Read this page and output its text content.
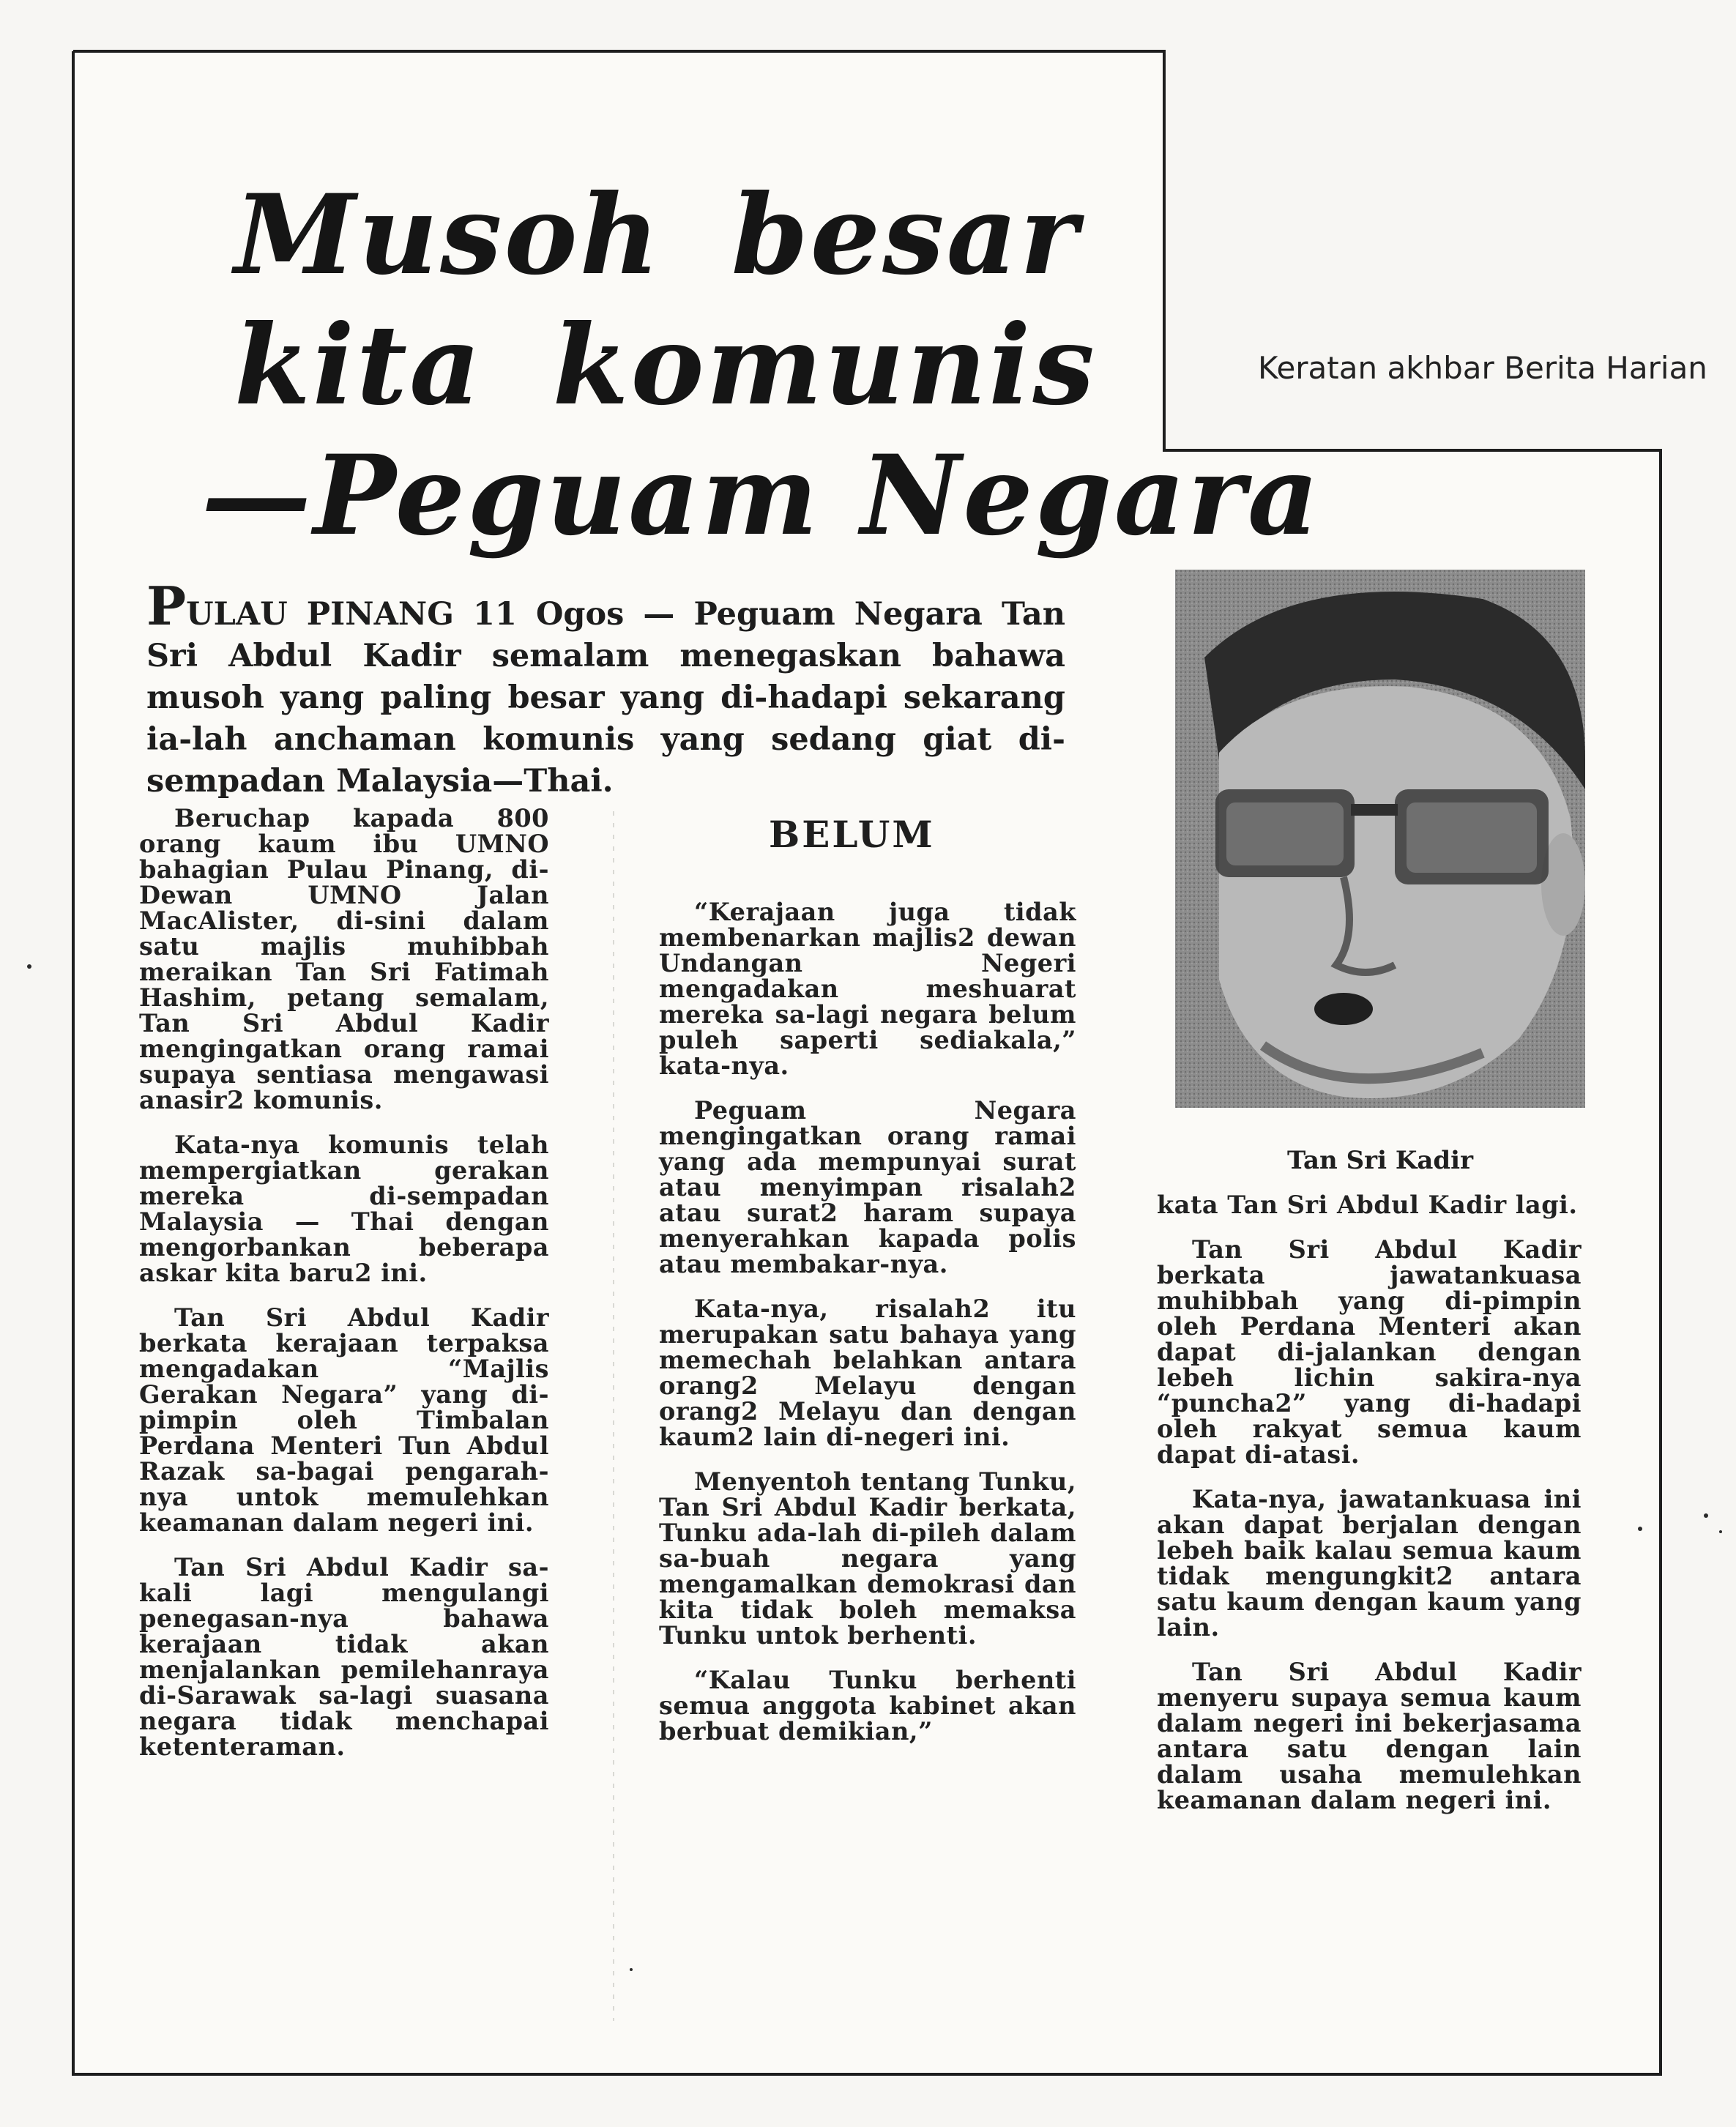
Keratan akhbar Berita Harian
Musoh besar
kita komunis
—Peguam Negara
PULAU PINANG 11 Ogos — Peguam Negara Tan Sri Abdul Kadir semalam menegaskan bahawa musoh yang paling besar yang di-hadapi sekarang ia-lah anchaman komunis yang sedang giat di-sempadan Malaysia—Thai.

Beruchap kapada 800 orang kaum ibu UMNO bahagian Pulau Pinang, di-Dewan UMNO Jalan MacAlister, di-sini dalam satu majlis muhibbah meraikan Tan Sri Fatimah Hashim, petang semalam, Tan Sri Abdul Kadir mengingatkan orang ramai supaya sentiasa mengawasi anasir2 komunis.

Kata-nya komunis telah mempergiatkan gerakan mereka di-sempadan Malaysia — Thai dengan mengorbankan beberapa askar kita baru2 ini.

Tan Sri Abdul Kadir berkata kerajaan terpaksa mengadakan “Majlis Gerakan Negara” yang di-pimpin oleh Timbalan Perdana Menteri Tun Abdul Razak sa-bagai pengarah-nya untok memulehkan keamanan dalam negeri ini.

Tan Sri Abdul Kadir sa-kali lagi mengulangi penegasan-nya bahawa kerajaan tidak akan menjalankan pemilehanraya di-Sarawak sa-lagi suasana negara tidak menchapai ketenteraman.

BELUM

“Kerajaan juga tidak membenarkan majlis2 dewan Undangan Negeri mengadakan meshuarat mereka sa-lagi negara belum puleh saperti sediakala,” kata-nya.

Peguam Negara mengingatkan orang ramai yang ada mempunyai surat atau menyimpan risalah2 atau surat2 haram supaya menyerahkan kapada polis atau membakar-nya.

Kata-nya, risalah2 itu merupakan satu bahaya yang memechah belahkan antara orang2 Melayu dengan orang2 Melayu dan dengan kaum2 lain di-negeri ini.

Menyentoh tentang Tunku, Tan Sri Abdul Kadir berkata, Tunku ada-lah di-pileh dalam sa-buah negara yang mengamalkan demokrasi dan kita tidak boleh memaksa Tunku untok berhenti.

“Kalau Tunku berhenti semua anggota kabinet akan berbuat demikian,”

Tan Sri Kadir

kata Tan Sri Abdul Kadir lagi.

Tan Sri Abdul Kadir berkata jawatankuasa muhibbah yang di-pimpin oleh Perdana Menteri akan dapat di-jalankan dengan lebeh lichin sakira-nya “puncha2” yang di-hadapi oleh rakyat semua kaum dapat di-atasi.

Kata-nya, jawatankuasa ini akan dapat berjalan dengan lebeh baik kalau semua kaum tidak mengungkit2 antara satu kaum dengan kaum yang lain.

Tan Sri Abdul Kadir menyeru supaya semua kaum dalam negeri ini bekerjasama antara satu dengan lain dalam usaha memulehkan keamanan dalam negeri ini.
